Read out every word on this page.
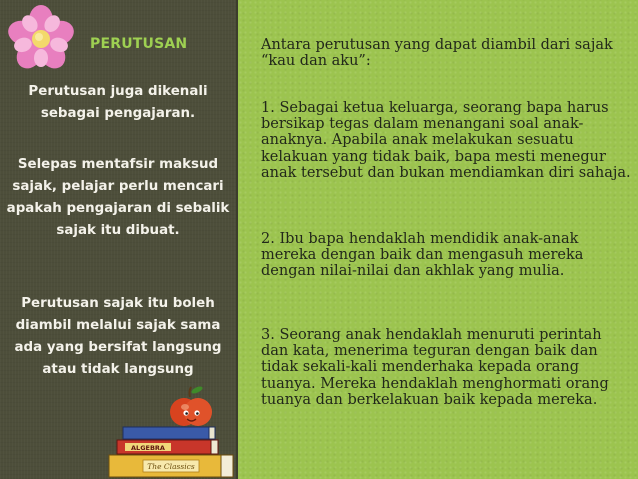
PERUTUSAN
Perutusan juga dikenali sebagai pengajaran.
Selepas mentafsir maksud sajak, pelajar perlu mencari apakah pengajaran di sebalik sajak itu dibuat.
Perutusan sajak itu boleh diambil melalui sajak sama ada yang bersifat langsung atau tidak langsung
Antara perutusan yang dapat diambil dari sajak “kau dan aku”:
1. Sebagai ketua keluarga, seorang bapa harus bersikap tegas dalam menangani soal anak-anaknya. Apabila anak melakukan sesuatu kelakuan yang tidak baik, bapa mesti menegur anak tersebut dan bukan mendiamkan diri sahaja.
2. Ibu bapa hendaklah mendidik anak-anak mereka dengan baik dan mengasuh mereka dengan nilai-nilai dan akhlak yang mulia.
3. Seorang anak hendaklah menuruti perintah dan kata, menerima teguran dengan baik dan tidak sekali-kali menderhaka kepada orang tuanya. Mereka hendaklah menghormati orang tuanya dan berkelakuan baik kepada mereka.
ALGEBRA
The Classics
